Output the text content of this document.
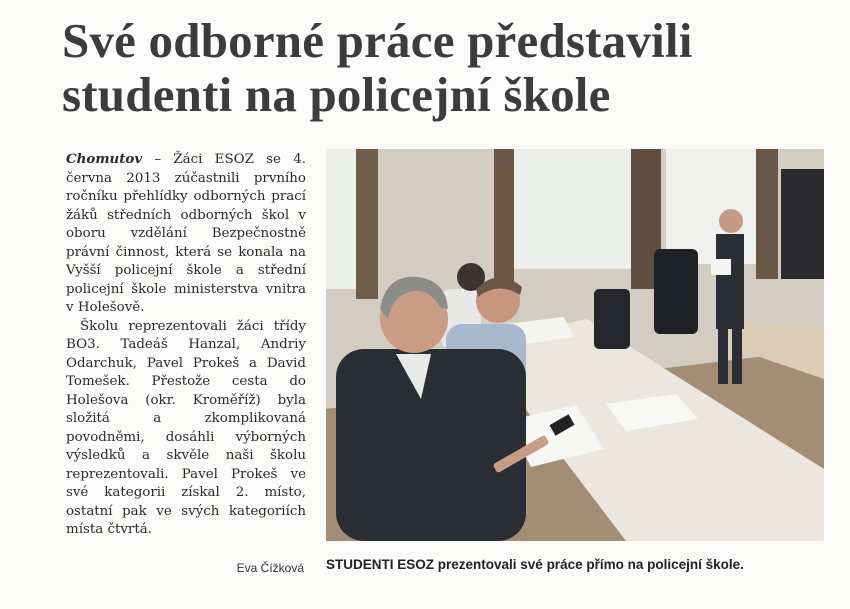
Své odborné práce představili
studenti na policejní škole

Chomutov – Žáci ESOZ se 4. června 2013 zúčastnili prvního ročníku přehlídky odborných prací žáků středních odborných škol v oboru vzdělání Bezpečnostně právní činnost, která se konala na Vyšší policejní škole a střední policejní škole ministerstva vnitra v Holešově.

Školu reprezentovali žáci třídy BO3. Tadeáš Hanzal, Andriy Odarchuk, Pavel Prokeš a David Tomešek. Přestože cesta do Holešova (okr. Kroměříž) byla složitá a zkomplikovaná povodněmi, dosáhli výborných výsledků a skvěle naši školu reprezentovali. Pavel Prokeš ve své kategorii získal 2. místo, ostatní pak ve svých kategoriích místa čtvrtá.

Eva Čížková STUDENTI ESOZ prezentovali své práce přímo na policejní škole.
